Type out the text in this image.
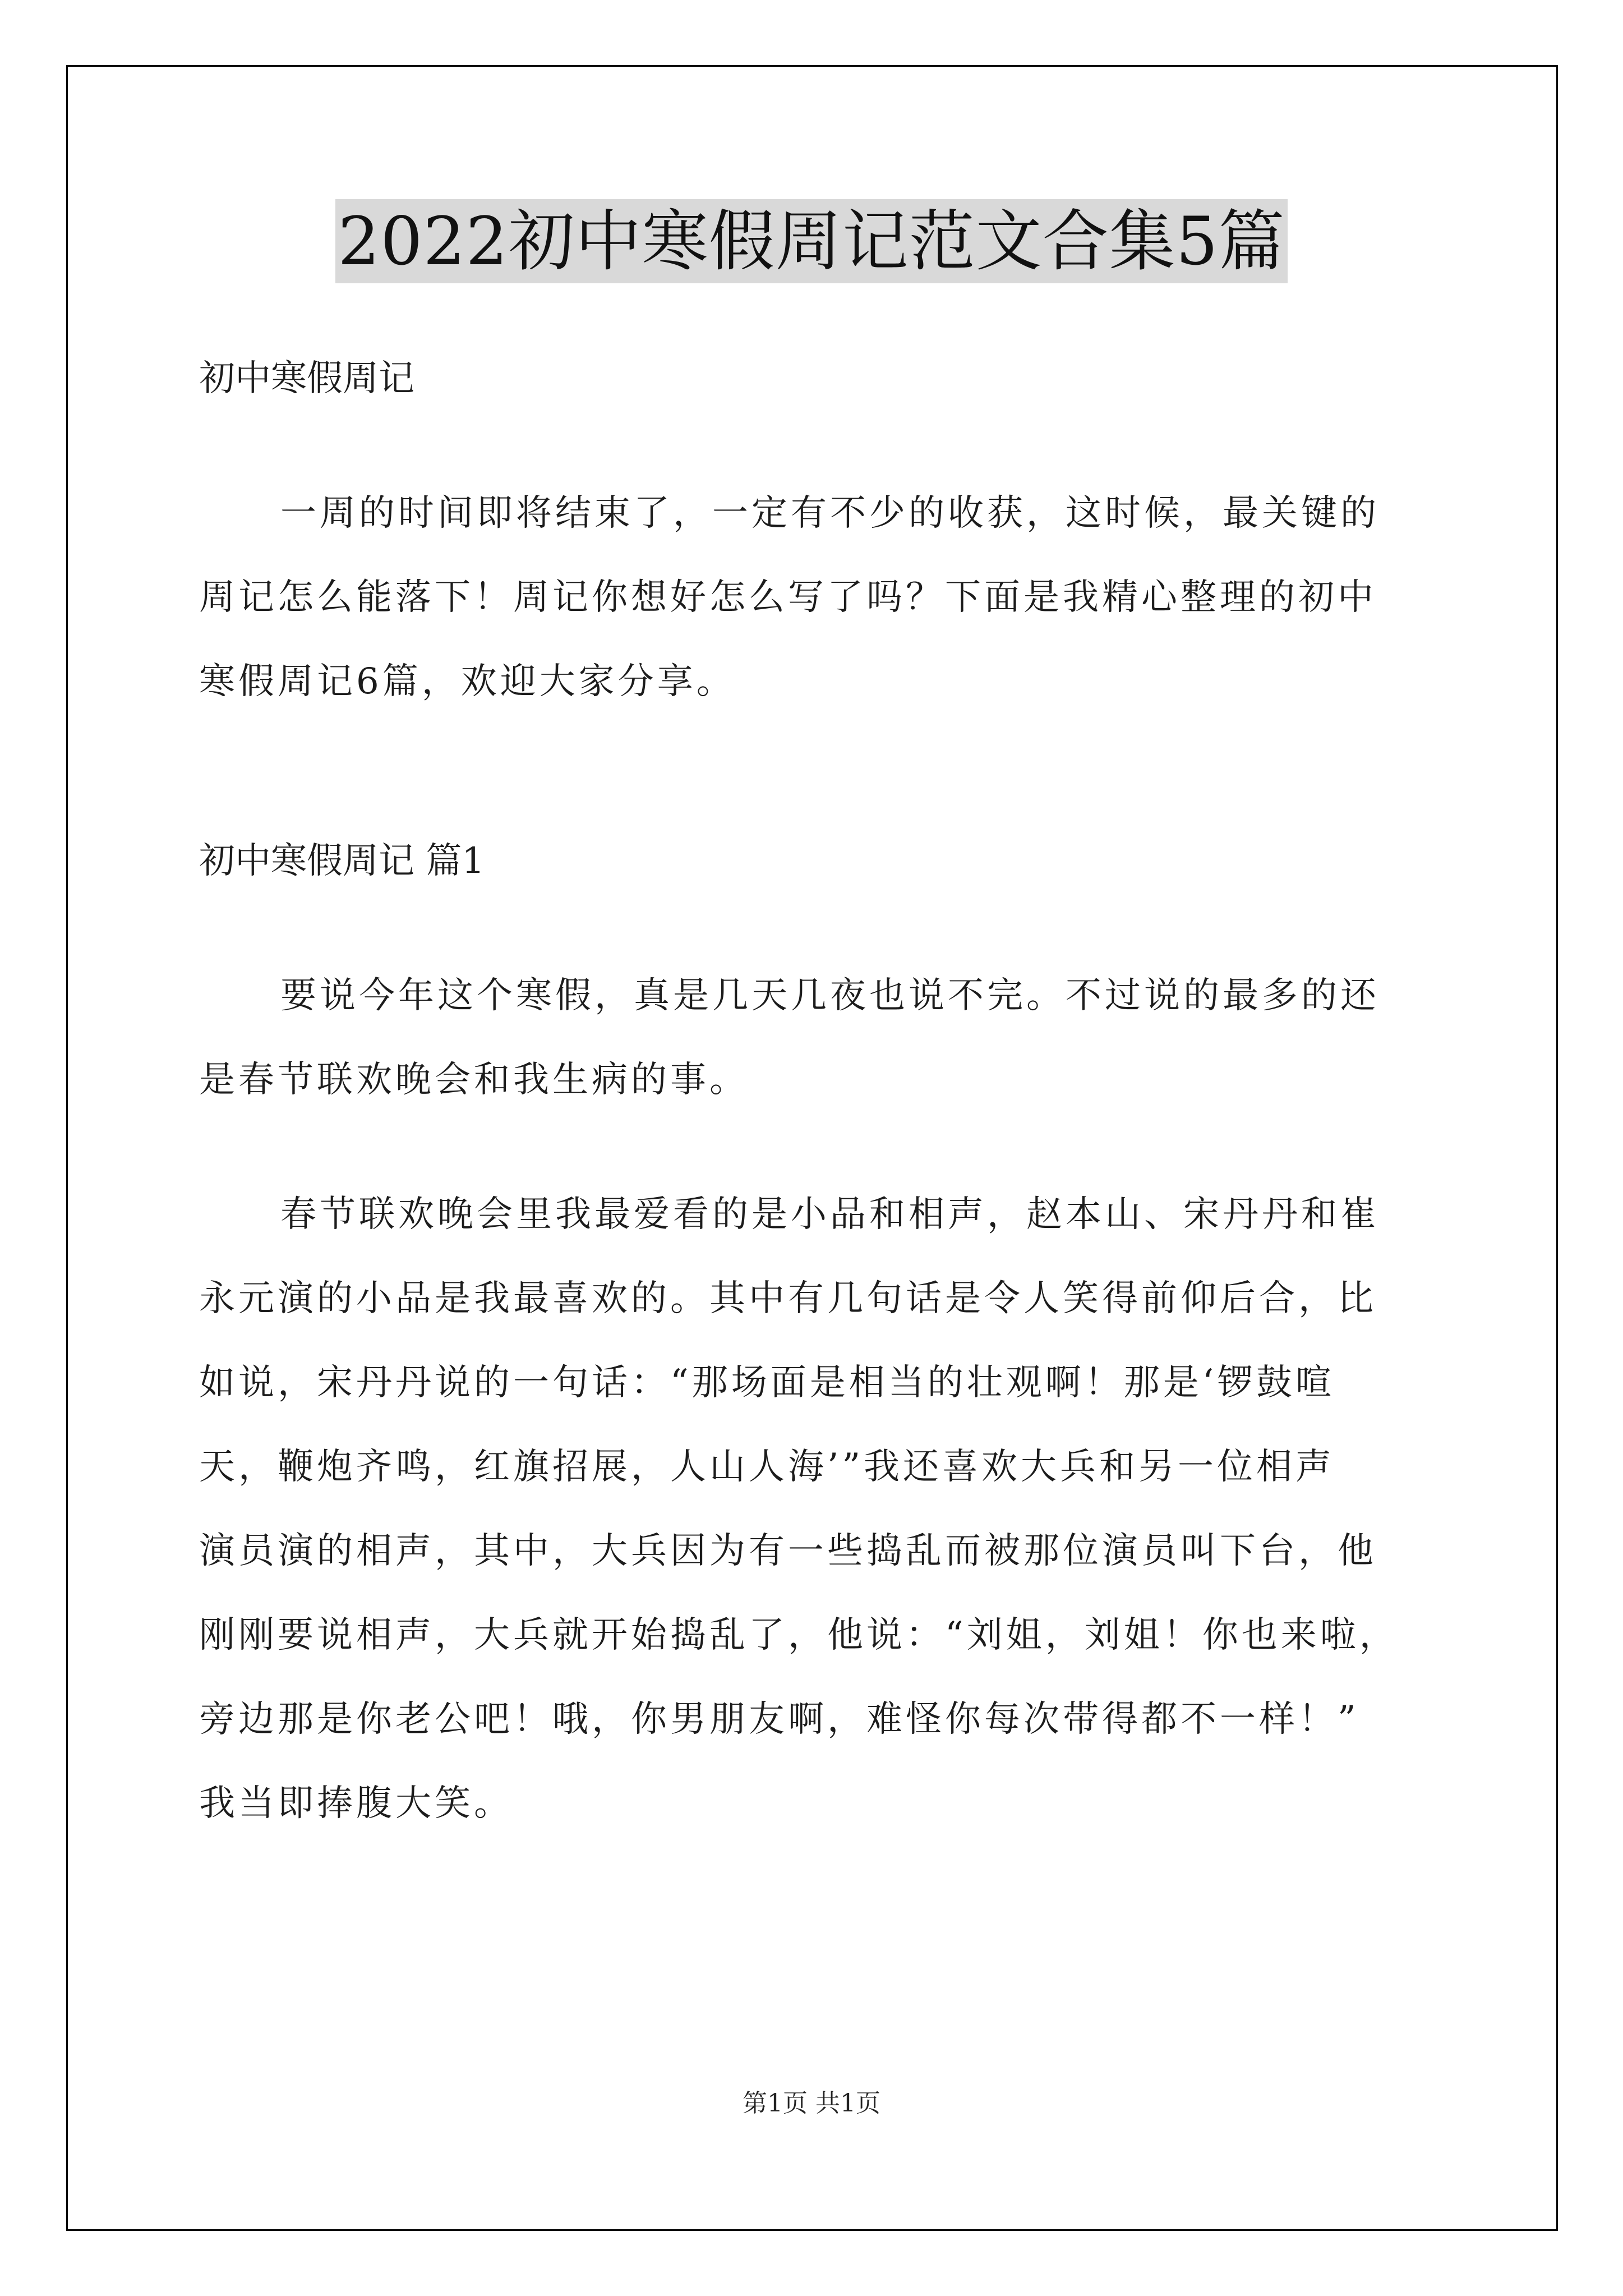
2022初中寒假周记范文合集5篇

初中寒假周记

一周的时间即将结束了，一定有不少的收获，这时候，最关键的

周记怎么能落下！周记你想好怎么写了吗？下面是我精心整理的初中

寒假周记6篇，欢迎大家分享。

初中寒假周记 篇1

要说今年这个寒假，真是几天几夜也说不完。不过说的最多的还

是春节联欢晚会和我生病的事。

春节联欢晚会里我最爱看的是小品和相声，赵本山、宋丹丹和崔

永元演的小品是我最喜欢的。其中有几句话是令人笑得前仰后合，比

如说，宋丹丹说的一句话：“那场面是相当的壮观啊！那是‘锣鼓喧

天，鞭炮齐鸣，红旗招展，人山人海’”我还喜欢大兵和另一位相声

演员演的相声，其中，大兵因为有一些捣乱而被那位演员叫下台，他

刚刚要说相声，大兵就开始捣乱了，他说：“刘姐，刘姐！你也来啦，

旁边那是你老公吧！哦，你男朋友啊，难怪你每次带得都不一样！”

我当即捧腹大笑。

第1页 共1页
